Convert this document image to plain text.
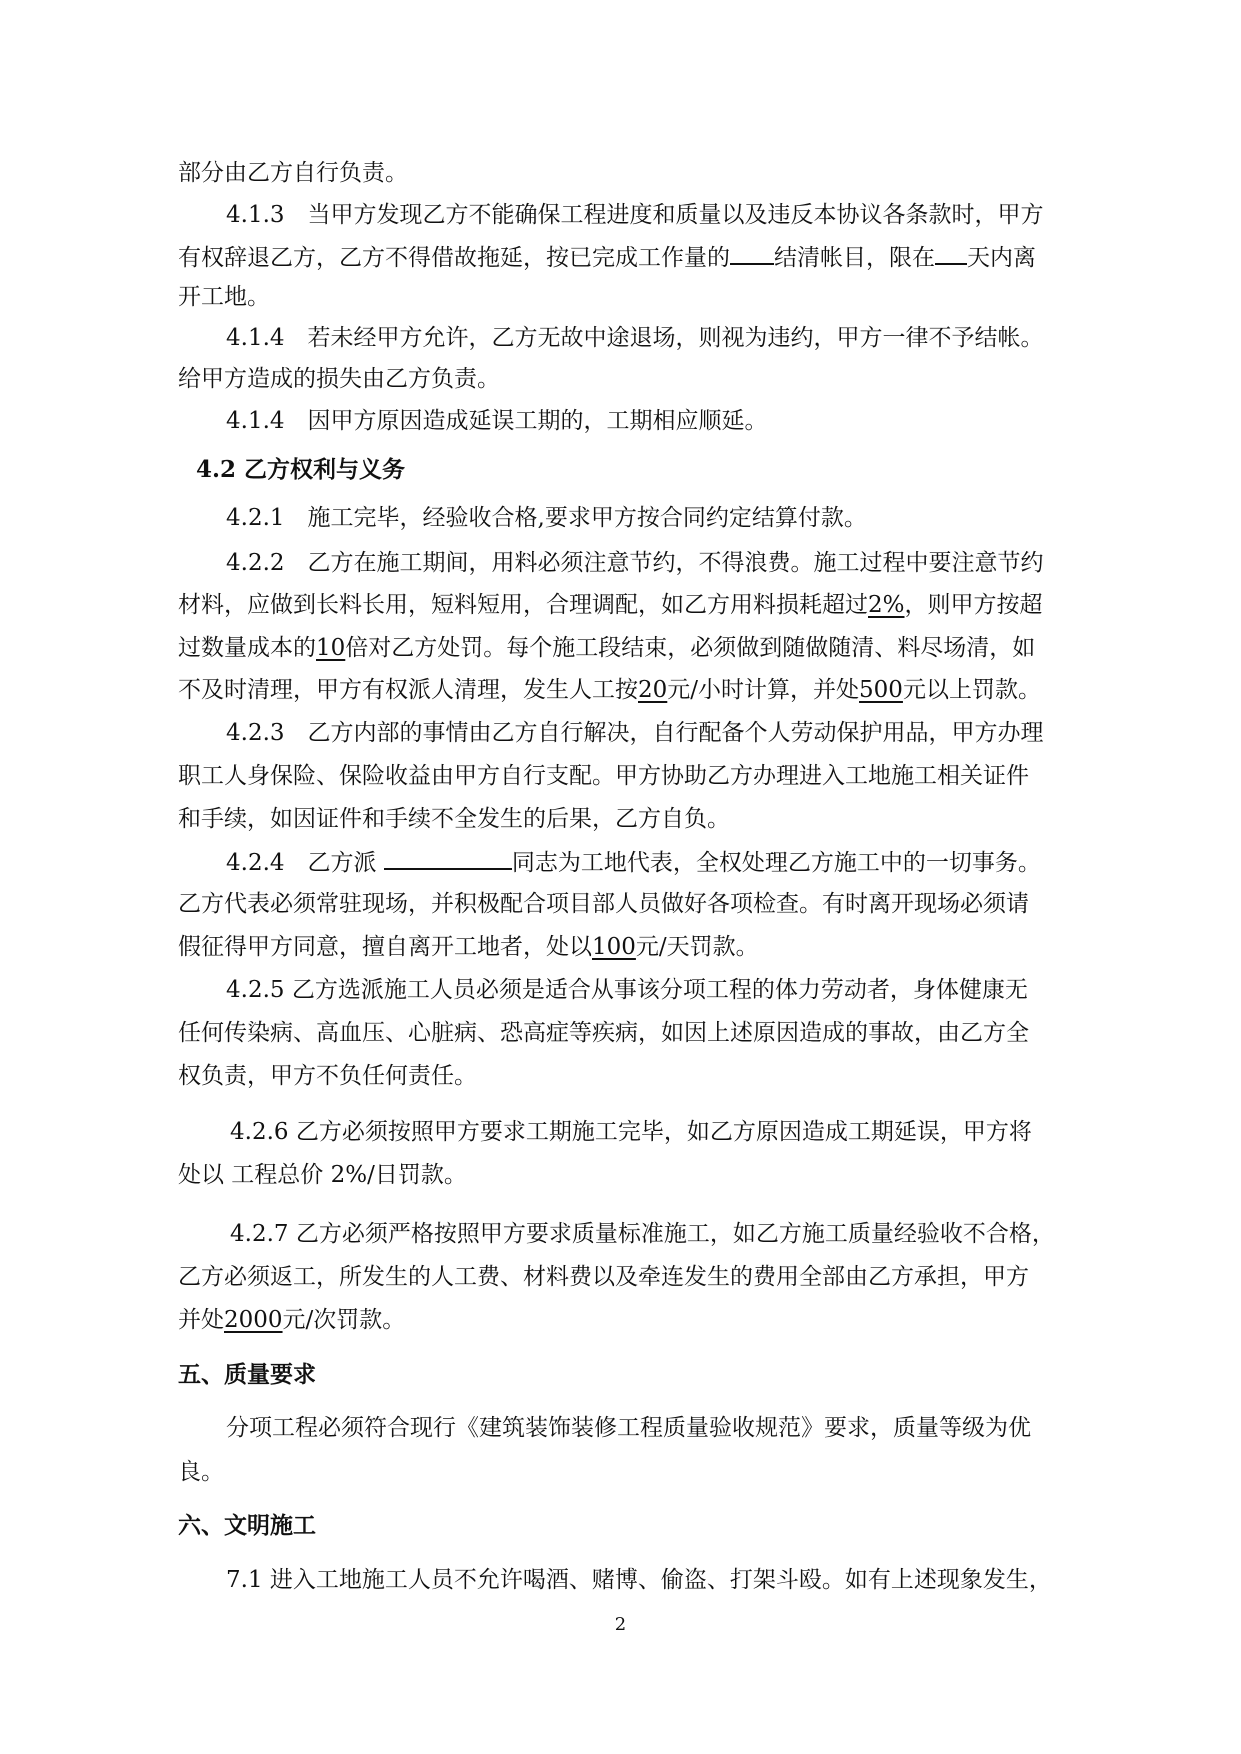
部分由乙方自行负责。
4.1.3　当甲方发现乙方不能确保工程进度和质量以及违反本协议各条款时，甲方
有权辞退乙方，乙方不得借故拖延，按已完成工作量的 结清帐目，限在 天内离
开工地。
4.1.4　若未经甲方允许，乙方无故中途退场，则视为违约，甲方一律不予结帐。
给甲方造成的损失由乙方负责。
4.1.4　因甲方原因造成延误工期的，工期相应顺延。
4.2 乙方权利与义务
4.2.1　施工完毕，经验收合格,要求甲方按合同约定结算付款。
4.2.2　乙方在施工期间，用料必须注意节约，不得浪费。施工过程中要注意节约
材料，应做到长料长用，短料短用，合理调配，如乙方用料损耗超过2%，则甲方按超
过数量成本的10倍对乙方处罚。每个施工段结束，必须做到随做随清、料尽场清，如
不及时清理，甲方有权派人清理，发生人工按20元/小时计算，并处500元以上罚款。
4.2.3　乙方内部的事情由乙方自行解决，自行配备个人劳动保护用品，甲方办理
职工人身保险、保险收益由甲方自行支配。甲方协助乙方办理进入工地施工相关证件
和手续，如因证件和手续不全发生的后果，乙方自负。
4.2.4　乙方派	同志为工地代表，全权处理乙方施工中的一切事务。
乙方代表必须常驻现场，并积极配合项目部人员做好各项检查。有时离开现场必须请
假征得甲方同意，擅自离开工地者，处以100元/天罚款。
4.2.5 乙方选派施工人员必须是适合从事该分项工程的体力劳动者，身体健康无
任何传染病、高血压、心脏病、恐高症等疾病，如因上述原因造成的事故，由乙方全
权负责，甲方不负任何责任。
4.2.6 乙方必须按照甲方要求工期施工完毕，如乙方原因造成工期延误，甲方将
处以 工程总价 2%/日罚款。
4.2.7 乙方必须严格按照甲方要求质量标准施工，如乙方施工质量经验收不合格，
乙方必须返工，所发生的人工费、材料费以及牵连发生的费用全部由乙方承担，甲方
并处2000元/次罚款。
五、质量要求
分项工程必须符合现行《建筑装饰装修工程质量验收规范》要求，质量等级为优
良。
六、文明施工
7.1 进入工地施工人员不允许喝酒、赌博、偷盗、打架斗殴。如有上述现象发生，
2
